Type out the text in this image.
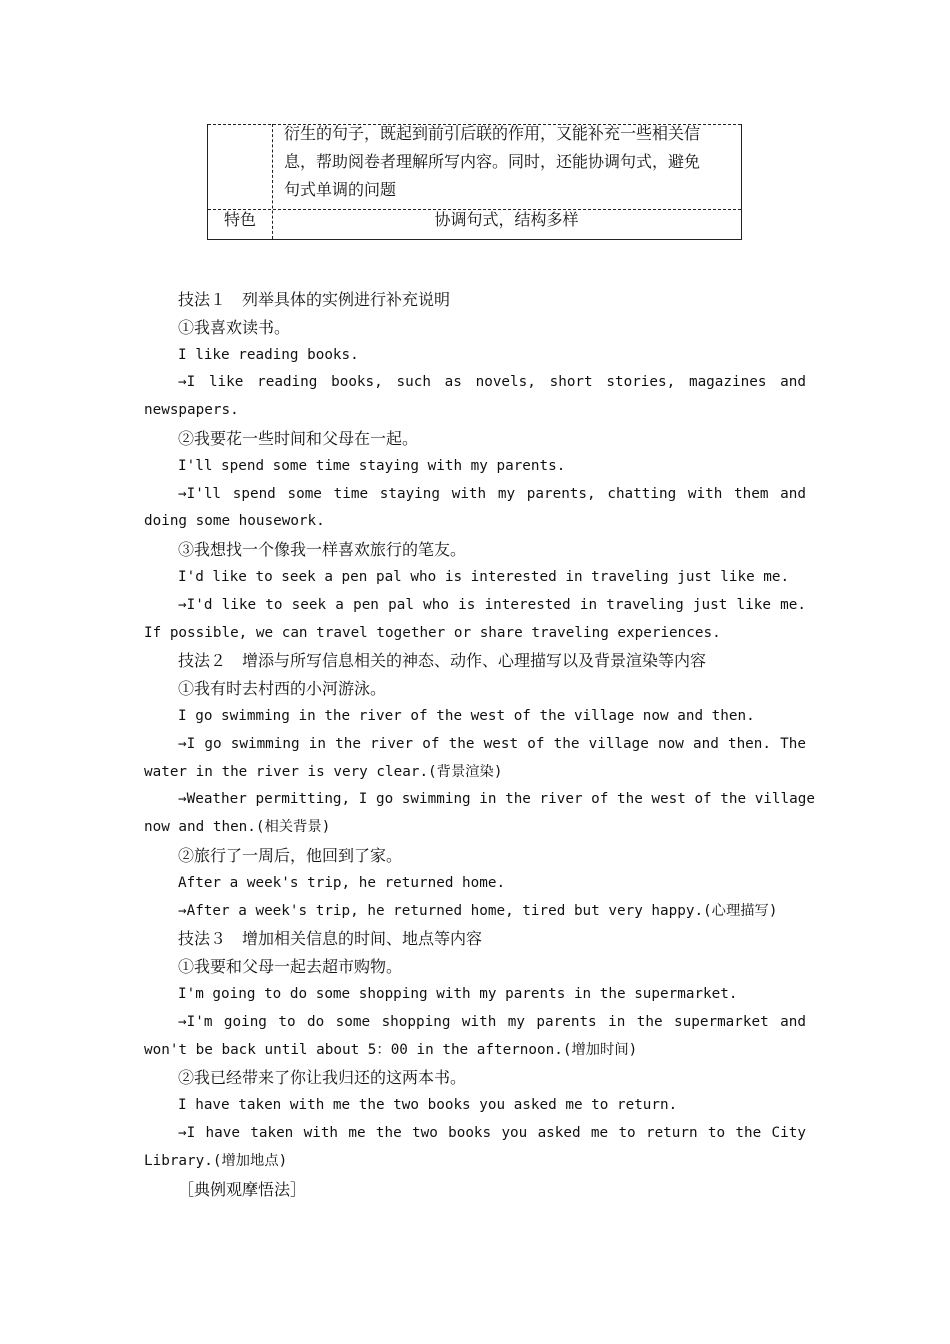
衍生的句子，既起到前引后联的作用，又能补充一些相关信
息，帮助阅卷者理解所写内容。同时，还能协调句式，避免
句式单调的问题
特色	协调句式，结构多样
技法１　列举具体的实例进行补充说明
①我喜欢读书。
I like reading books.
→I like reading books, such as novels, short stories, magazines and
newspapers.
②我要花一些时间和父母在一起。
I'll spend some time staying with my parents.
→I'll spend some time staying with my parents, chatting with them and
doing some housework.
③我想找一个像我一样喜欢旅行的笔友。
I'd like to seek a pen pal who is interested in traveling just like me.
→I'd like to seek a pen pal who is interested in traveling just like me.
If possible, we can travel together or share traveling experiences.
技法２　增添与所写信息相关的神态、动作、心理描写以及背景渲染等内容
①我有时去村西的小河游泳。
I go swimming in the river of the west of the village now and then.
→I go swimming in the river of the west of the village now and then. The
water in the river is very clear.(背景渲染)
→Weather permitting, I go swimming in the river of the west of the village
now and then.(相关背景)
②旅行了一周后，他回到了家。
After a week's trip, he returned home.
→After a week's trip, he returned home, tired but very happy.(心理描写)
技法３　增加相关信息的时间、地点等内容
①我要和父母一起去超市购物。
I'm going to do some shopping with my parents in the supermarket.
→I'm going to do some shopping with my parents in the supermarket and
won't be back until about 5：00 in the afternoon.(增加时间)
②我已经带来了你让我归还的这两本书。
I have taken with me the two books you asked me to return.
→I have taken with me the two books you asked me to return to the City
Library.(增加地点)
［典例观摩悟法］
